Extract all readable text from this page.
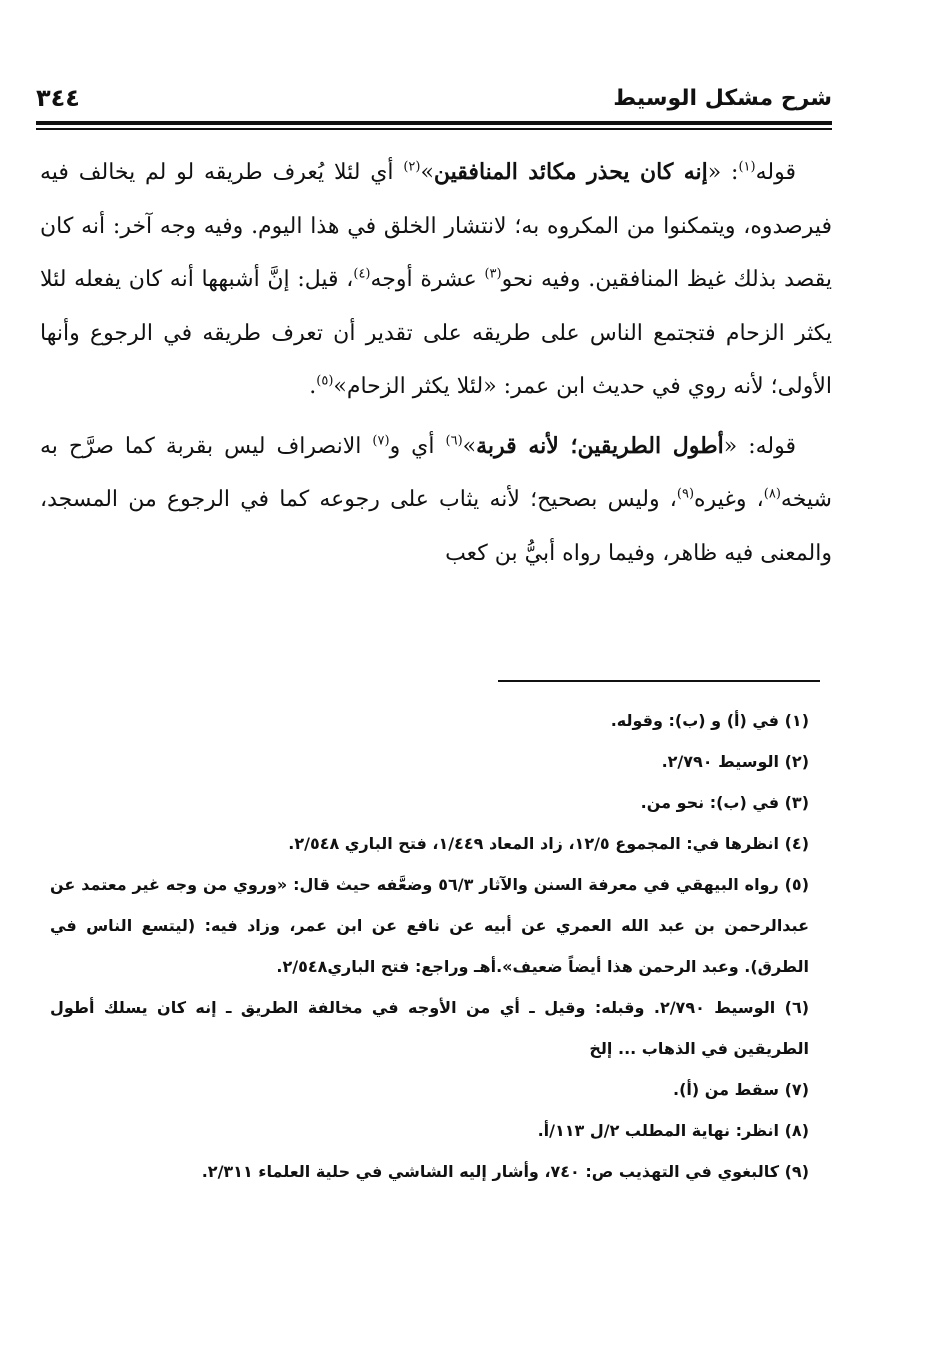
شرح مشكل الوسيط
٣٤٤

قوله$^{(١)}$: «إنه كان يحذر مكائد المنافقين»$^{(٢)}$ أي لئلا يُعرف طريقه لو لم يخالف فيه فيرصدوه، ويتمكنوا من المكروه به؛ لانتشار الخلق في هذا اليوم. وفيه وجه آخر: أنه كان يقصد بذلك غيظ المنافقين. وفيه نحو$^{(٣)}$ عشرة أوجه$^{(٤)}$، قيل: إنَّ أشبهها أنه كان يفعله لئلا يكثر الزحام فتجتمع الناس على طريقه على تقدير أن تعرف طريقه في الرجوع وأنها الأولى؛ لأنه روي في حديث ابن عمر: «لئلا يكثر الزحام»$^{(٥)}$.

قوله: «أطول الطريقين؛ لأنه قربة»$^{(٦)}$ أي و$^{(٧)}$ الانصراف ليس بقربة كما صرَّح به شيخه$^{(٨)}$، وغيره$^{(٩)}$، وليس بصحيح؛ لأنه يثاب على رجوعه كما في الرجوع من المسجد، والمعنى فيه ظاهر، وفيما رواه أبيُّ بن كعب

(١) في (أ) و (ب): وقوله.

(٢) الوسيط ٢/٧٩٠.

(٣) في (ب): نحو من.

(٤) انظرها في: المجموع ١٢/٥، زاد المعاد ١/٤٤٩، فتح الباري ٢/٥٤٨.

(٥) رواه البيهقي في معرفة السنن والآثار ٥٦/٣ وضعَّفه حيث قال: «وروي من وجه غير معتمد عن عبدالرحمن بن عبد الله العمري عن أبيه عن نافع عن ابن عمر، وزاد فيه: (ليتسع الناس في الطرق). وعبد الرحمن هذا أيضاً ضعيف».أهـ وراجع: فتح الباري٢/٥٤٨.

(٦) الوسيط ٢/٧٩٠. وقبله: وقيل ـ أي من الأوجه في مخالفة الطريق ـ إنه كان يسلك أطول الطريقين في الذهاب ... إلخ

(٧) سقط من (أ).

(٨) انظر: نهاية المطلب ٢/ل ١١٣/أ.

(٩) كالبغوي في التهذيب ص: ٧٤٠، وأشار إليه الشاشي في حلية العلماء ٢/٣١١.
